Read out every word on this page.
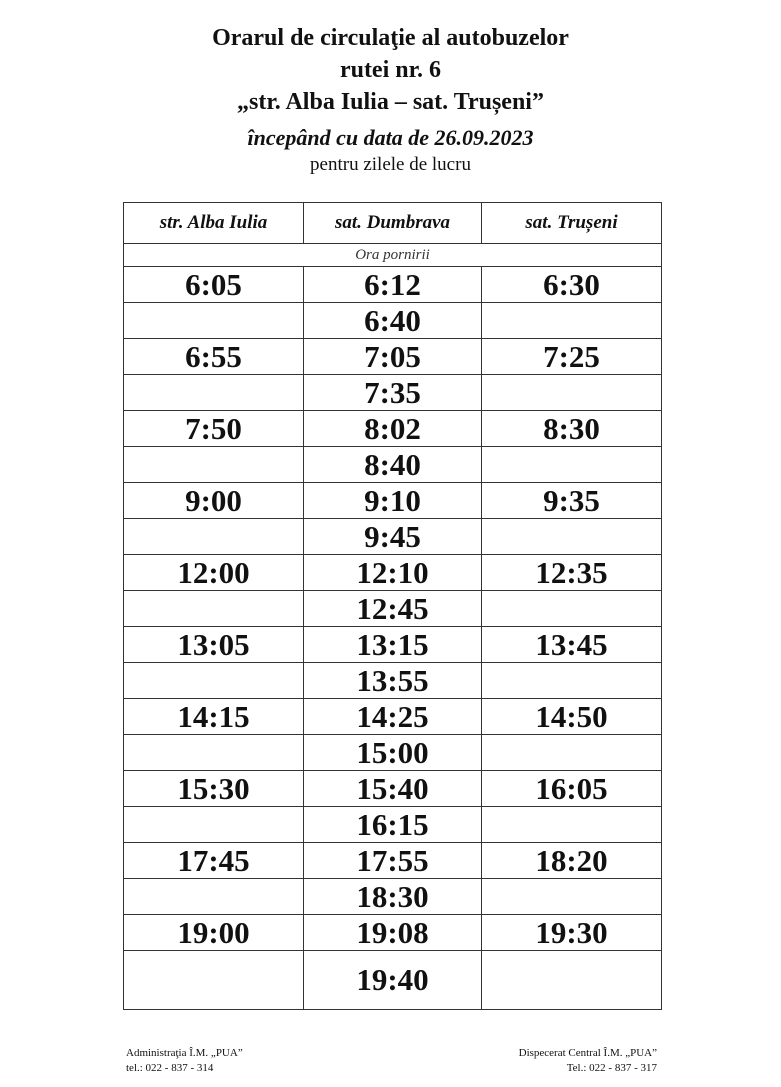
Orarul de circulaţie al autobuzelor
rutei nr. 6
„str. Alba Iulia – sat. Trușeni”
începând cu data de 26.09.2023
pentru zilele de lucru
str. Alba Iulia	sat. Dumbrava	sat. Trușeni
Ora pornirii		
6:05	6:12	6:30
	6:40	
6:55	7:05	7:25
	7:35	
7:50	8:02	8:30
	8:40	
9:00	9:10	9:35
	9:45	
12:00	12:10	12:35
	12:45	
13:05	13:15	13:45
	13:55	
14:15	14:25	14:50
	15:00	
15:30	15:40	16:05
	16:15	
17:45	17:55	18:20
	18:30	
19:00	19:08	19:30
	19:40	
Administraţia Î.M. „PUA”
tel.: 022 - 837 - 314
Dispecerat Central Î.M. „PUA”
Tel.: 022 - 837 - 317
